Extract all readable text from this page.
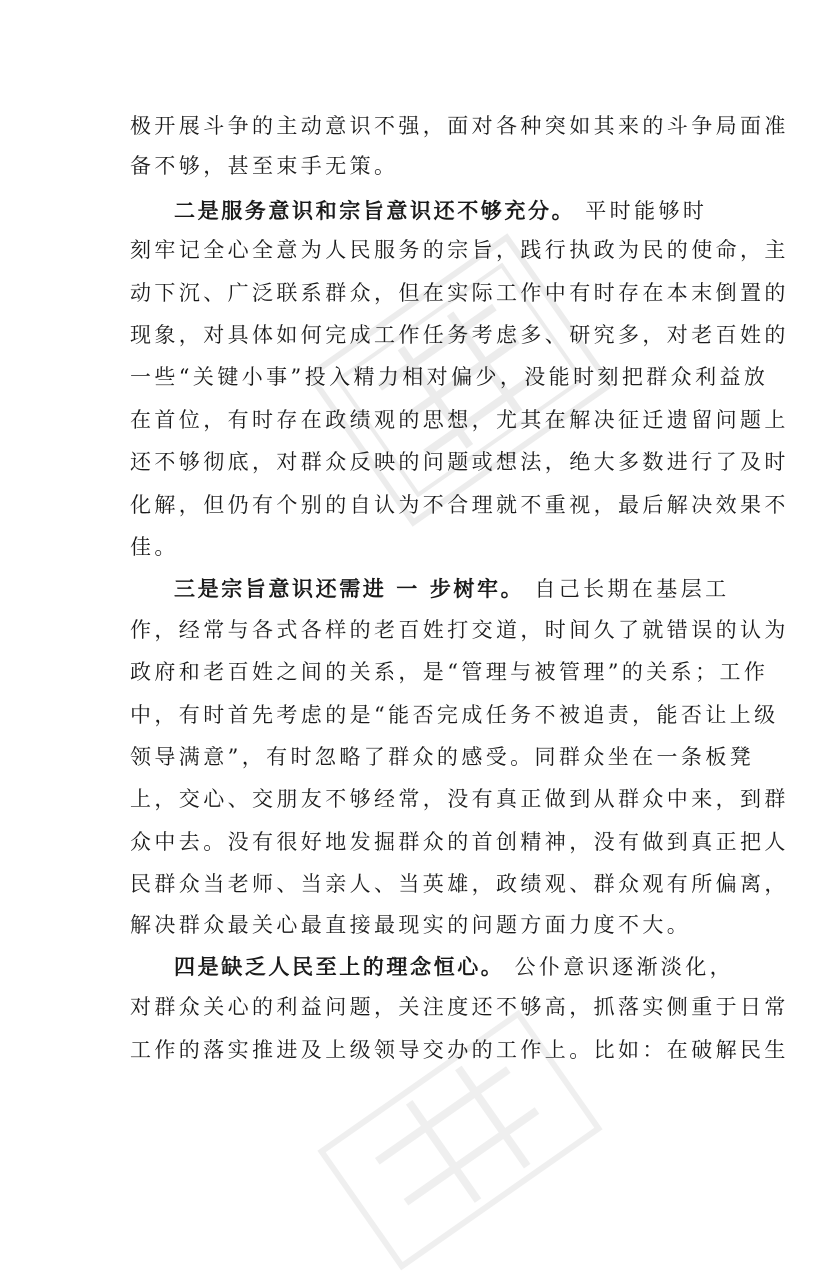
极开展斗争的主动意识不强，面对各种突如其来的斗争局面准
备不够，甚至束手无策。
二是服务意识和宗旨意识还不够充分。 平时能够时
刻牢记全心全意为人民服务的宗旨，践行执政为民的使命，主
动下沉、广泛联系群众，但在实际工作中有时存在本末倒置的
现象，对具体如何完成工作任务考虑多、研究多，对老百姓的
一些“关键小事”投入精力相对偏少，没能时刻把群众利益放
在首位，有时存在政绩观的思想，尤其在解决征迁遗留问题上
还不够彻底，对群众反映的问题或想法，绝大多数进行了及时
化解，但仍有个别的自认为不合理就不重视，最后解决效果不
佳。
三是宗旨意识还需进 一 步树牢。 自己长期在基层工
作，经常与各式各样的老百姓打交道，时间久了就错误的认为
政府和老百姓之间的关系，是“管理与被管理”的关系；工作
中，有时首先考虑的是“能否完成任务不被追责，能否让上级
领导满意”，有时忽略了群众的感受。同群众坐在一条板凳
上，交心、交朋友不够经常，没有真正做到从群众中来，到群
众中去。没有很好地发掘群众的首创精神，没有做到真正把人
民群众当老师、当亲人、当英雄，政绩观、群众观有所偏离，
解决群众最关心最直接最现实的问题方面力度不大。
四是缺乏人民至上的理念恒心。 公仆意识逐渐淡化，
对群众关心的利益问题，关注度还不够高，抓落实侧重于日常
工作的落实推进及上级领导交办的工作上。比如：在破解民生
